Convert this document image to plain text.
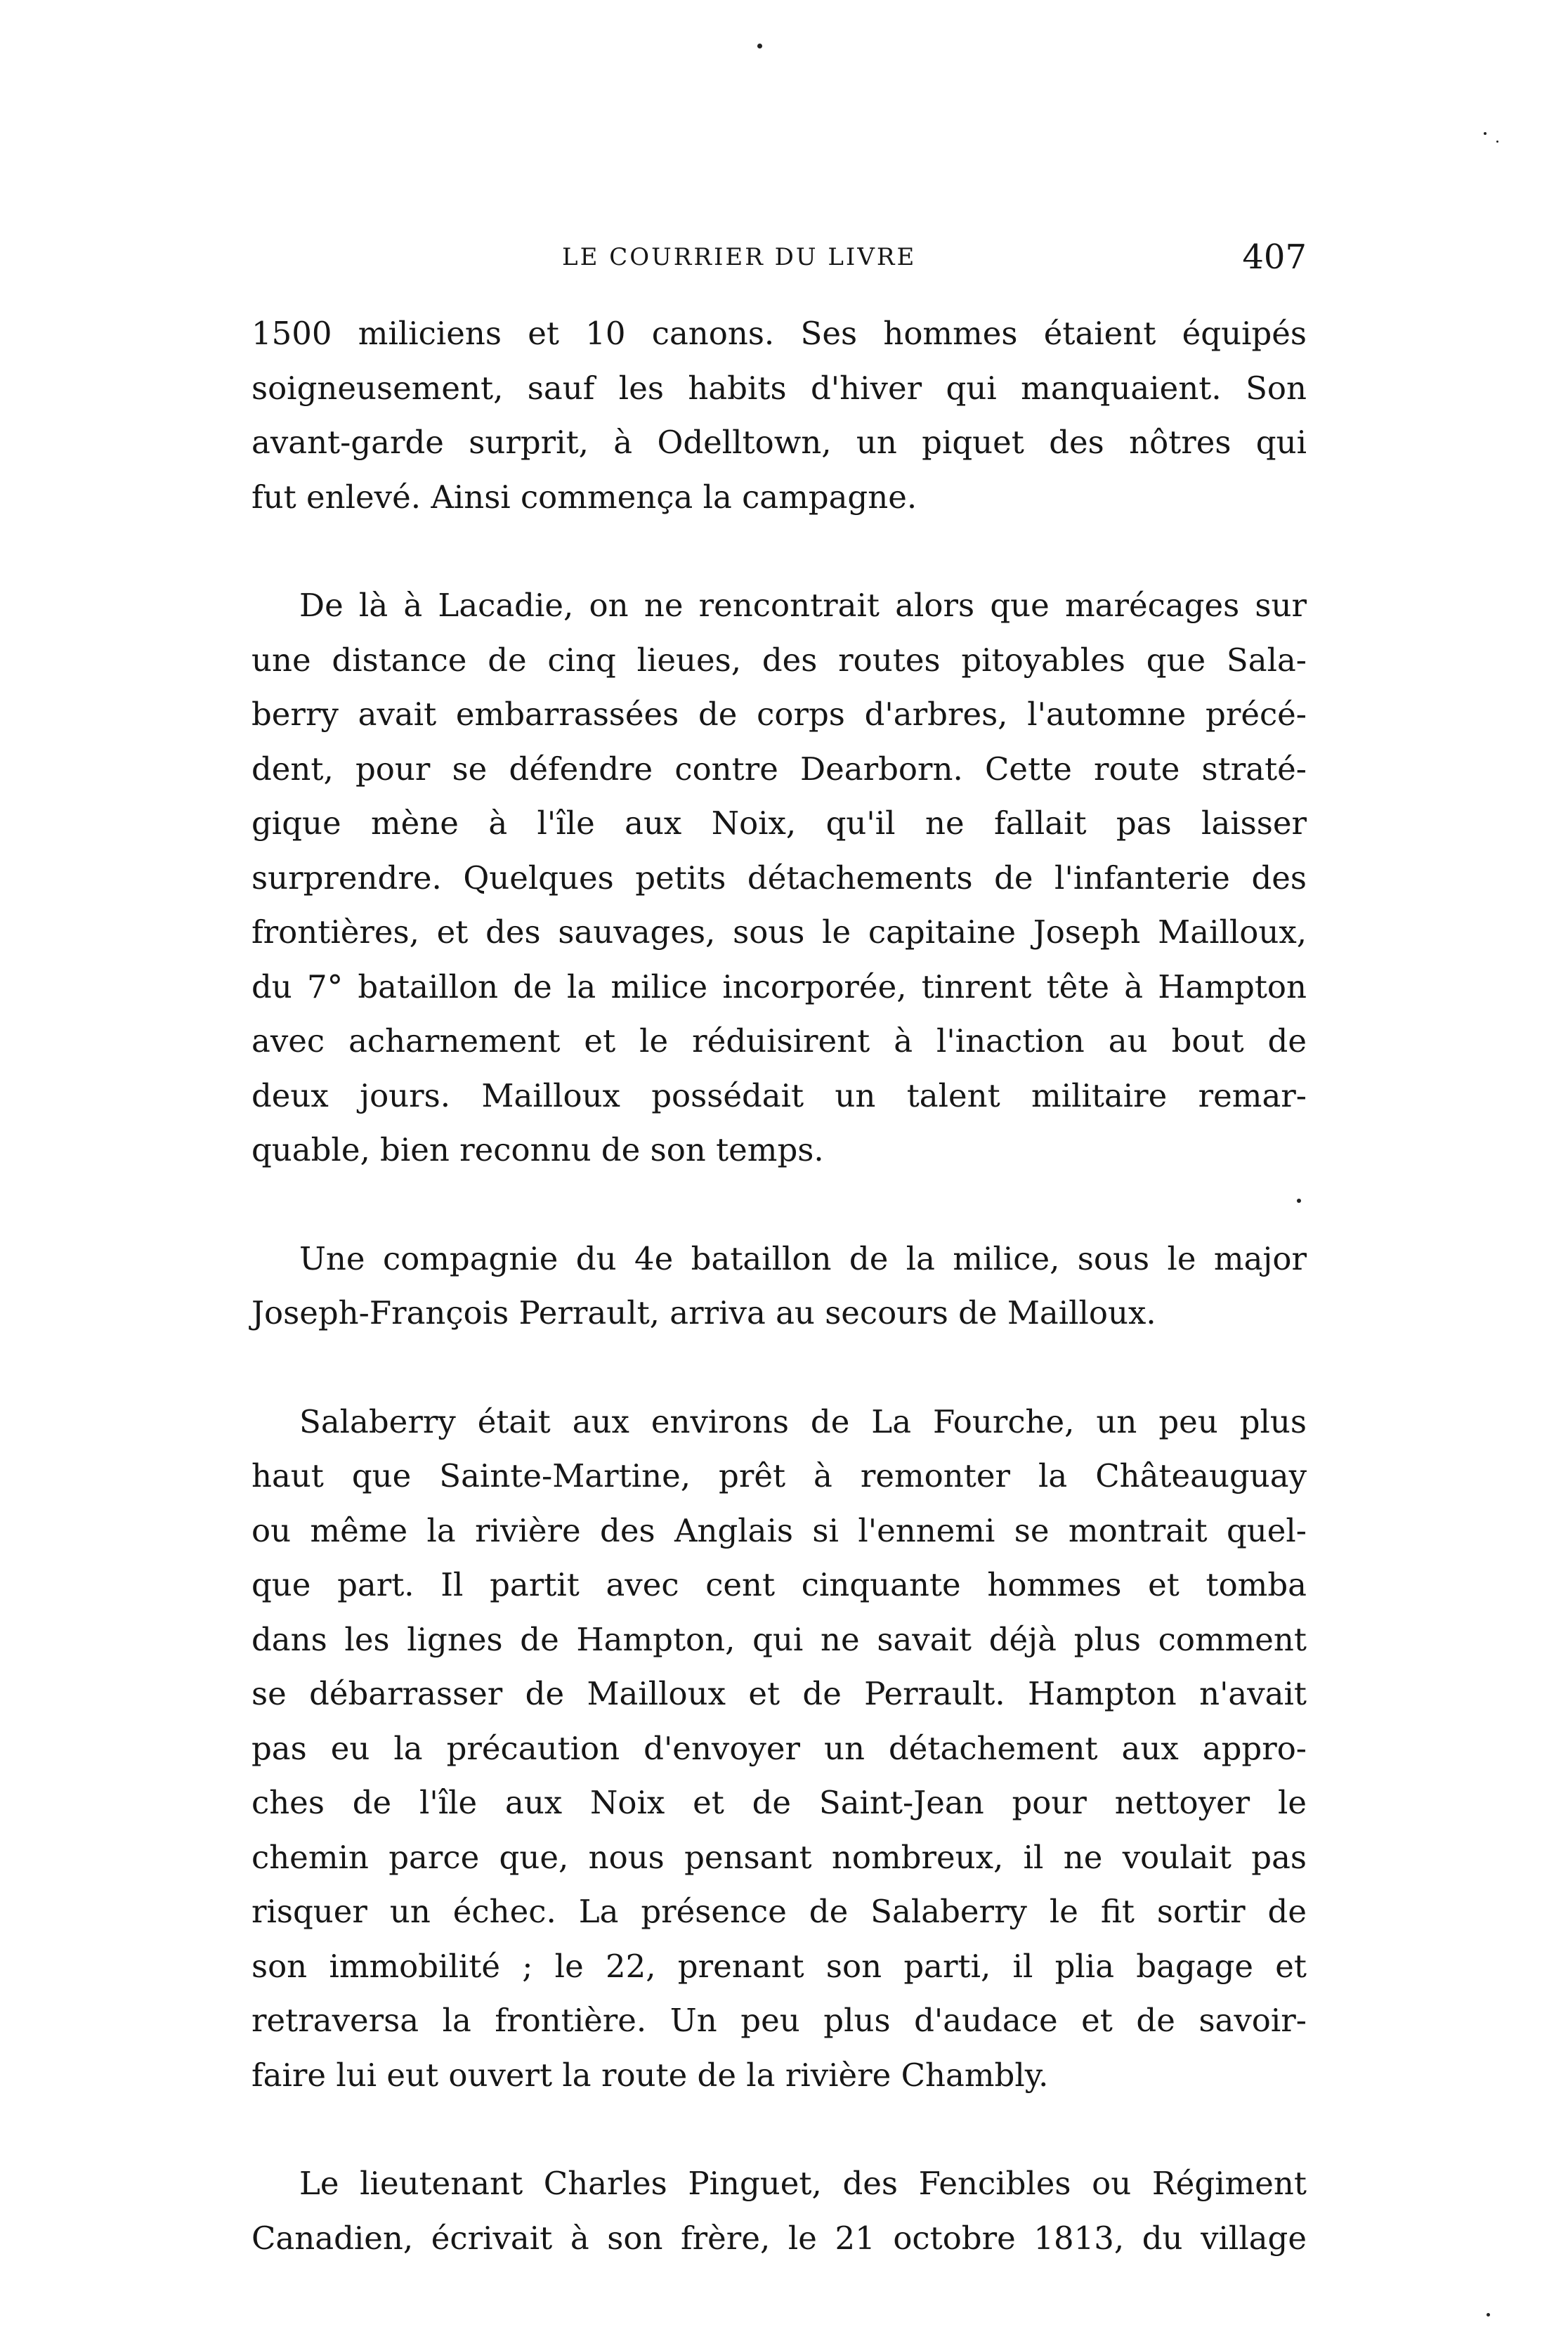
LE COURRIER DU LIVRE	407

1500 miliciens et 10 canons. Ses hommes étaient équipés
soigneusement, sauf les habits d'hiver qui manquaient. Son
avant-garde surprit, à Odelltown, un piquet des nôtres qui
fut enlevé. Ainsi commença la campagne.

De là à Lacadie, on ne rencontrait alors que marécages sur
une distance de cinq lieues, des routes pitoyables que Sala-
berry avait embarrassées de corps d'arbres, l'automne précé-
dent, pour se défendre contre Dearborn. Cette route straté-
gique mène à l'île aux Noix, qu'il ne fallait pas laisser
surprendre. Quelques petits détachements de l'infanterie des
frontières, et des sauvages, sous le capitaine Joseph Mailloux,
du 7° bataillon de la milice incorporée, tinrent tête à Hampton
avec acharnement et le réduisirent à l'inaction au bout de
deux jours. Mailloux possédait un talent militaire remar-
quable, bien reconnu de son temps.

Une compagnie du 4e bataillon de la milice, sous le major
Joseph-François Perrault, arriva au secours de Mailloux.

Salaberry était aux environs de La Fourche, un peu plus
haut que Sainte-Martine, prêt à remonter la Châteauguay
ou même la rivière des Anglais si l'ennemi se montrait quel-
que part. Il partit avec cent cinquante hommes et tomba
dans les lignes de Hampton, qui ne savait déjà plus comment
se débarrasser de Mailloux et de Perrault. Hampton n'avait
pas eu la précaution d'envoyer un détachement aux appro-
ches de l'île aux Noix et de Saint-Jean pour nettoyer le
chemin parce que, nous pensant nombreux, il ne voulait pas
risquer un échec. La présence de Salaberry le fit sortir de
son immobilité ; le 22, prenant son parti, il plia bagage et
retraversa la frontière. Un peu plus d'audace et de savoir-
faire lui eut ouvert la route de la rivière Chambly.

Le lieutenant Charles Pinguet, des Fencibles ou Régiment
Canadien, écrivait à son frère, le 21 octobre 1813, du village
